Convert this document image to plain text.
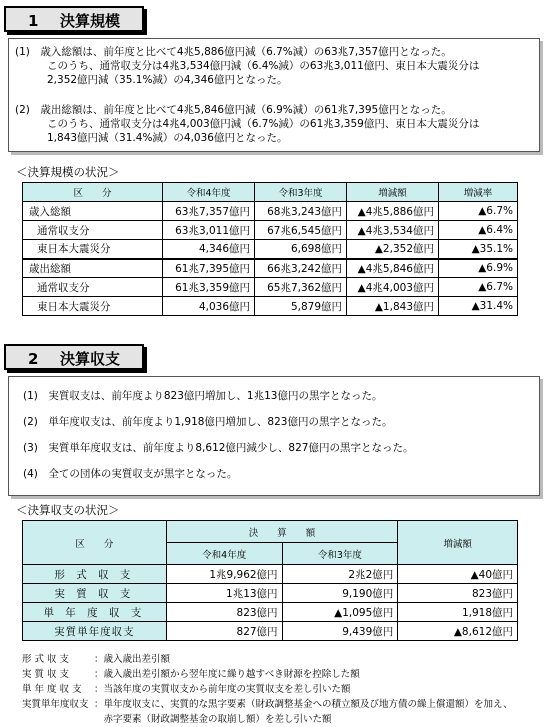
1 決算規模
(1)　 歳入総額は、前年度と比べて4兆5,886億円減（6.7%減）の63兆7,357億円となった。
このうち、通常収支分は4兆3,534億円減（6.4%減）の63兆3,011億円、東日本大震災分は
2,352億円減（35.1%減）の4,346億円となった。
(2)　 歳出総額は、前年度と比べて4兆5,846億円減（6.9%減）の61兆7,395億円となった。
このうち、通常収支分は4兆4,003億円減（6.7%減）の61兆3,359億円、東日本大震災分は
1,843億円減（31.4%減）の4,036億円となった。
＜決算規模の状況＞
区　　分	令和4年度	令和3年度	増減額	増減率
歳入総額	63兆7,357億円	68兆3,243億円	▲4兆5,886億円	▲6.7%
通常収支分	63兆3,011億円	67兆6,545億円	▲4兆3,534億円	▲6.4%
東日本大震災分	4,346億円	6,698億円	▲2,352億円	▲35.1%
歳出総額	61兆7,395億円	66兆3,242億円	▲4兆5,846億円	▲6.9%
通常収支分	61兆3,359億円	65兆7,362億円	▲4兆4,003億円	▲6.7%
東日本大震災分	4,036億円	5,879億円	▲1,843億円	▲31.4%
2 決算収支
(1)　 実質収支は、前年度より823億円増加し、1兆13億円の黒字となった。
(2)　 単年度収支は、前年度より1,918億円増加し、823億円の黒字となった。
(3)　 実質単年度収支は、前年度より8,612億円減少し、827億円の黒字となった。
(4)　 全ての団体の実質収支が黒字となった。
＜決算収支の状況＞
区　　分	決　　算　　額		増減額
	令和4年度	令和3年度	
形 式 収 支	1兆9,962億円	2兆2億円	▲40億円
実 質 収 支	1兆13億円	9,190億円	823億円
単 年 度 収 支	823億円	▲1,095億円	1,918億円
実質単年度収支	827億円	9,439億円	▲8,612億円
形 式 収 支	：歳入歳出差引額
実 質 収 支	：歳入歳出差引額から翌年度に繰り越すべき財源を控除した額
単 年 度 収 支 ：当該年度の実質収支から前年度の実質収支を差し引いた額
実質単年度収支 ：単年度収支に、実質的な黒字要素（財政調整基金への積立額及び地方債の繰上償還額）を加え、
　赤字要素（財政調整基金の取崩し額）を差し引いた額
